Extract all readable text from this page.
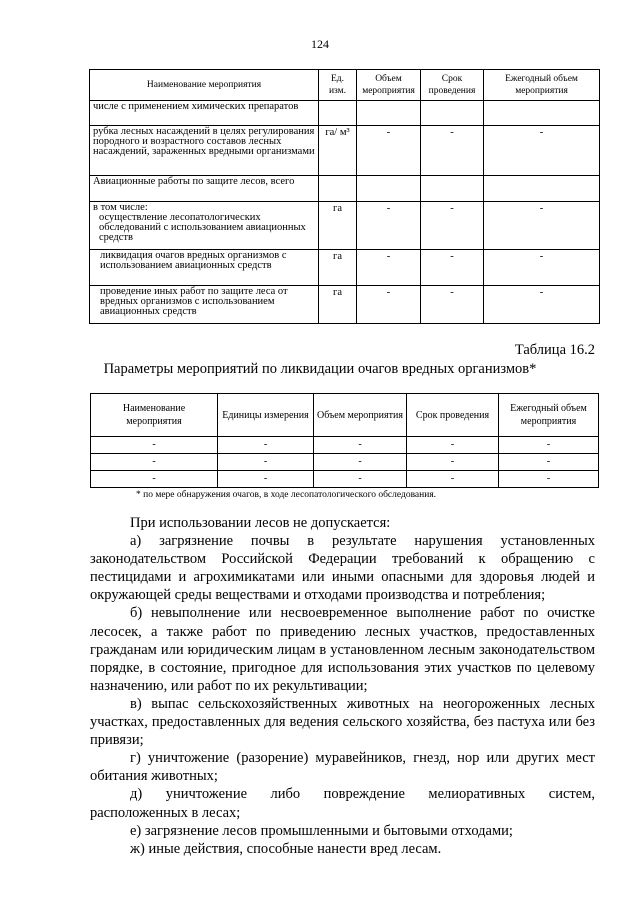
124
Наименование мероприятия	Ед. изм.	Объем мероприятия	Срок проведения	Ежегодный объем мероприятия
числе с применением химических препаратов				
рубка лесных насаждений в целях регулирования породного и возрастного составов лесных насаждений, зараженных вредными организмами	га/ м³	-	-	-
Авиационные работы по защите лесов, всего				

в том числе:
осуществление лесопатологических обследований с использованием авиационных средств	га	-	-	-
ликвидация очагов вредных организмов с использованием авиационных средств	га	-	-	-
проведение иных работ по защите леса от вредных организмов с использованием авиационных средств	га	-	-	-
Таблица 16.2
Параметры мероприятий по ликвидации очагов вредных организмов*
Наименование мероприятия	Единицы измерения	Объем мероприятия	Срок проведения	Ежегодный объем мероприятия
-	-	-	-	-
-	-	-	-	-
-	-	-	-	-
* по мере обнаружения очагов, в ходе лесопатологического обследования.

При использовании лесов не допускается:

а) загрязнение почвы в результате нарушения установленных законодательством Российской Федерации требований к обращению с пестицидами и агрохимикатами или иными опасными для здоровья людей и окружающей среды веществами и отходами производства и потребления;

б) невыполнение или несвоевременное выполнение работ по очистке лесосек, а также работ по приведению лесных участков, предоставленных гражданам или юридическим лицам в установленном лесным законодательством порядке, в состояние, пригодное для использования этих участков по целевому назначению, или работ по их рекультивации;

в) выпас сельскохозяйственных животных на неогороженных лесных участках, предоставленных для ведения сельского хозяйства, без пастуха или без привязи;

г) уничтожение (разорение) муравейников, гнезд, нор или других мест обитания животных;

д) уничтожение либо повреждение мелиоративных систем, расположенных в лесах;

е) загрязнение лесов промышленными и бытовыми отходами;

ж) иные действия, способные нанести вред лесам.
